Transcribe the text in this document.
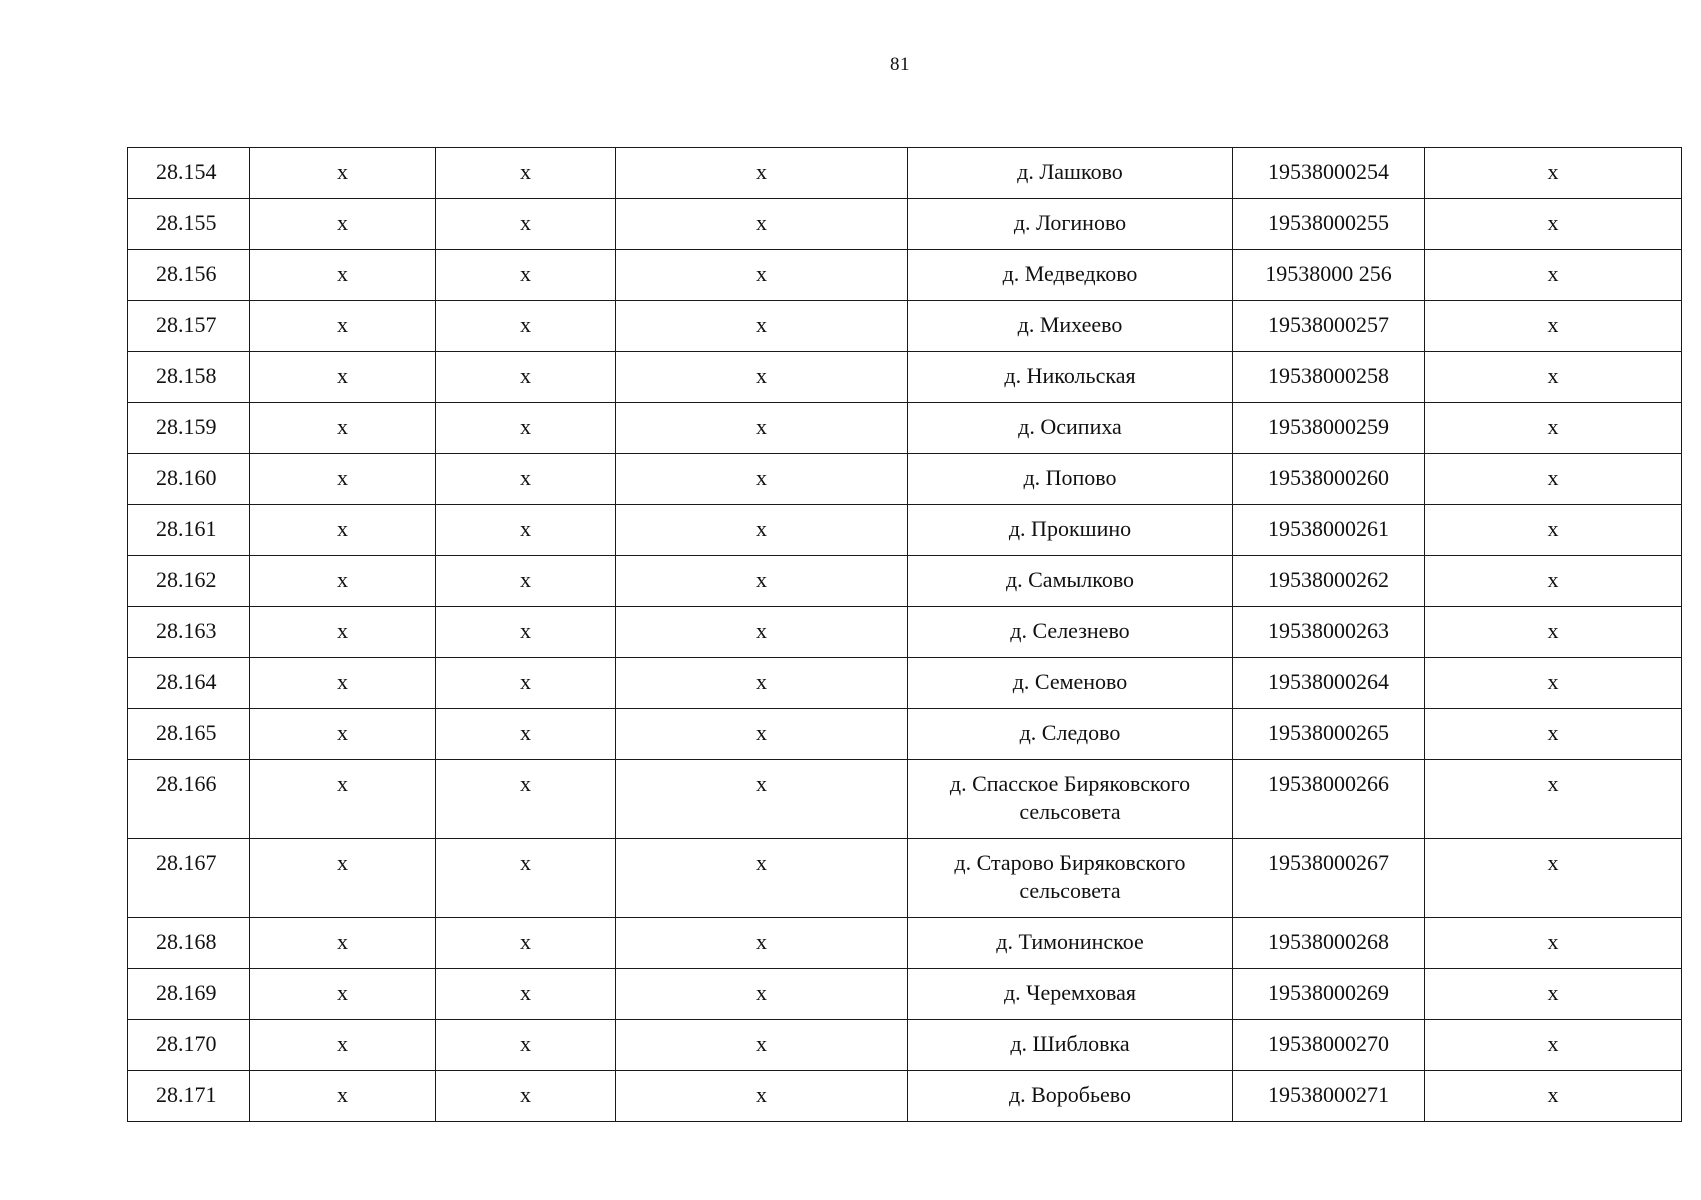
81
28.154	х	х	х	д. Лашково	19538000254	х
28.155	х	х	х	д. Логиново	19538000255	х
28.156	х	х	х	д. Медведково	19538000 256	х
28.157	х	х	х	д. Михеево	19538000257	х
28.158	х	х	х	д. Никольская	19538000258	х
28.159	х	х	х	д. Осипиха	19538000259	х
28.160	х	х	х	д. Попово	19538000260	х
28.161	х	х	х	д. Прокшино	19538000261	х
28.162	х	х	х	д. Самылково	19538000262	х
28.163	х	х	х	д. Селезнево	19538000263	х
28.164	х	х	х	д. Семеново	19538000264	х
28.165	х	х	х	д. Следово	19538000265	х
28.166	х	х	х	д. Спасское Биряковского сельсовета	19538000266	х
28.167	х	х	х	д. Старово Биряковского сельсовета	19538000267	х
28.168	х	х	х	д. Тимонинское	19538000268	х
28.169	х	х	х	д. Черемховая	19538000269	х
28.170	х	х	х	д. Шибловка	19538000270	х
28.171	х	х	х	д. Воробьево	19538000271	х
